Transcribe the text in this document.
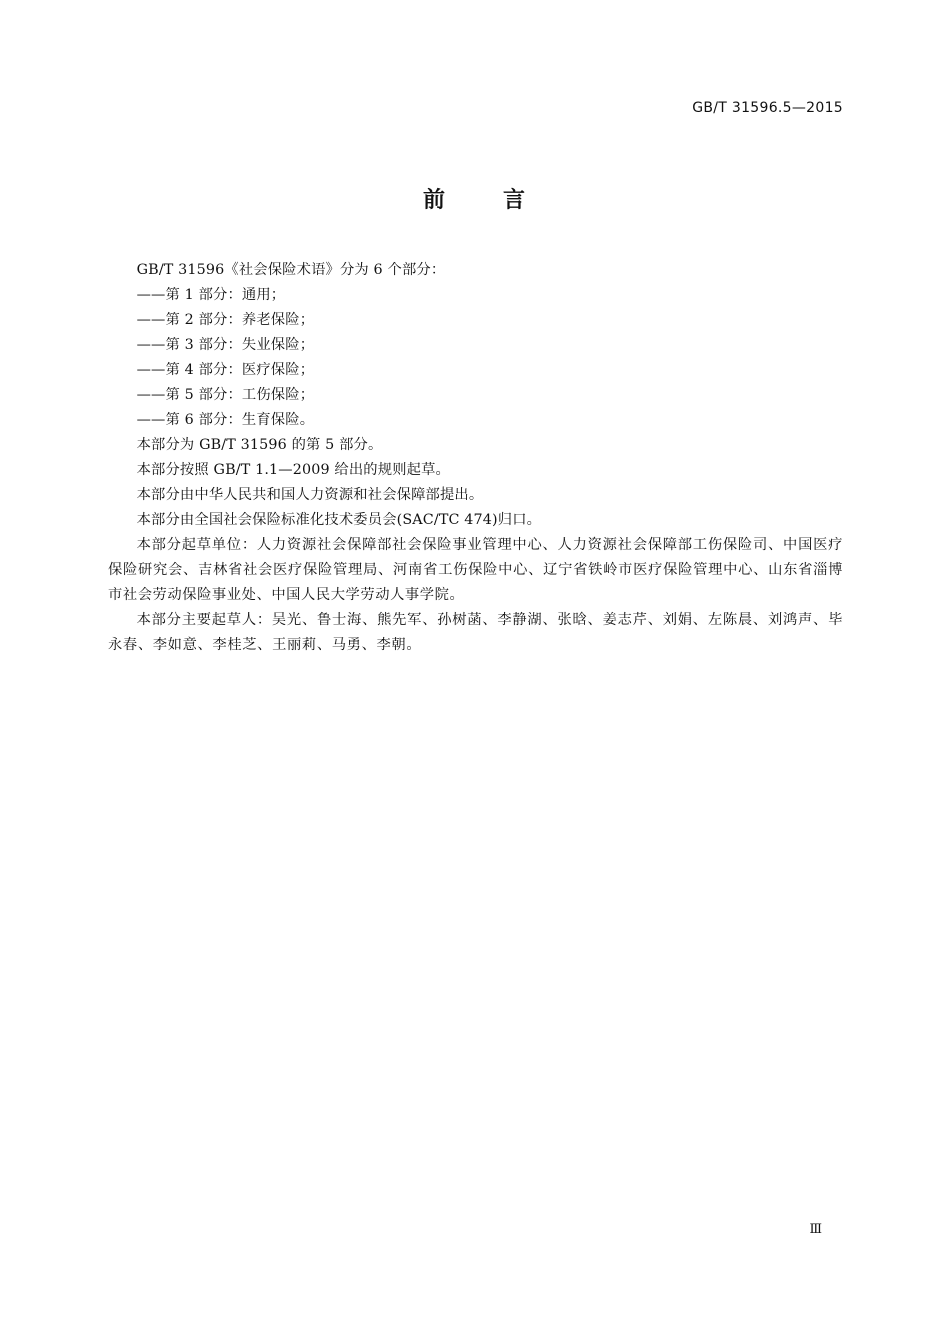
GB/T 31596.5—2015
前	言

GB/T 31596《社会保险术语》分为 6 个部分：

——第 1 部分：通用；
——第 2 部分：养老保险；
——第 3 部分：失业保险；
——第 4 部分：医疗保险；
——第 5 部分：工伤保险；
——第 6 部分：生育保险。

本部分为 GB/T 31596 的第 5 部分。

本部分按照 GB/T 1.1—2009 给出的规则起草。

本部分由中华人民共和国人力资源和社会保障部提出。

本部分由全国社会保险标准化技术委员会(SAC/TC 474)归口。

本部分起草单位：人力资源社会保障部社会保险事业管理中心、人力资源社会保障部工伤保险司、中国医疗保险研究会、吉林省社会医疗保险管理局、河南省工伤保险中心、辽宁省铁岭市医疗保险管理中心、山东省淄博市社会劳动保险事业处、中国人民大学劳动人事学院。

本部分主要起草人：吴光、鲁士海、熊先军、孙树菡、李静湖、张晗、姜志芹、刘娟、左陈晨、刘鸿声、毕永春、李如意、李桂芝、王丽莉、马勇、李朝。

Ⅲ
